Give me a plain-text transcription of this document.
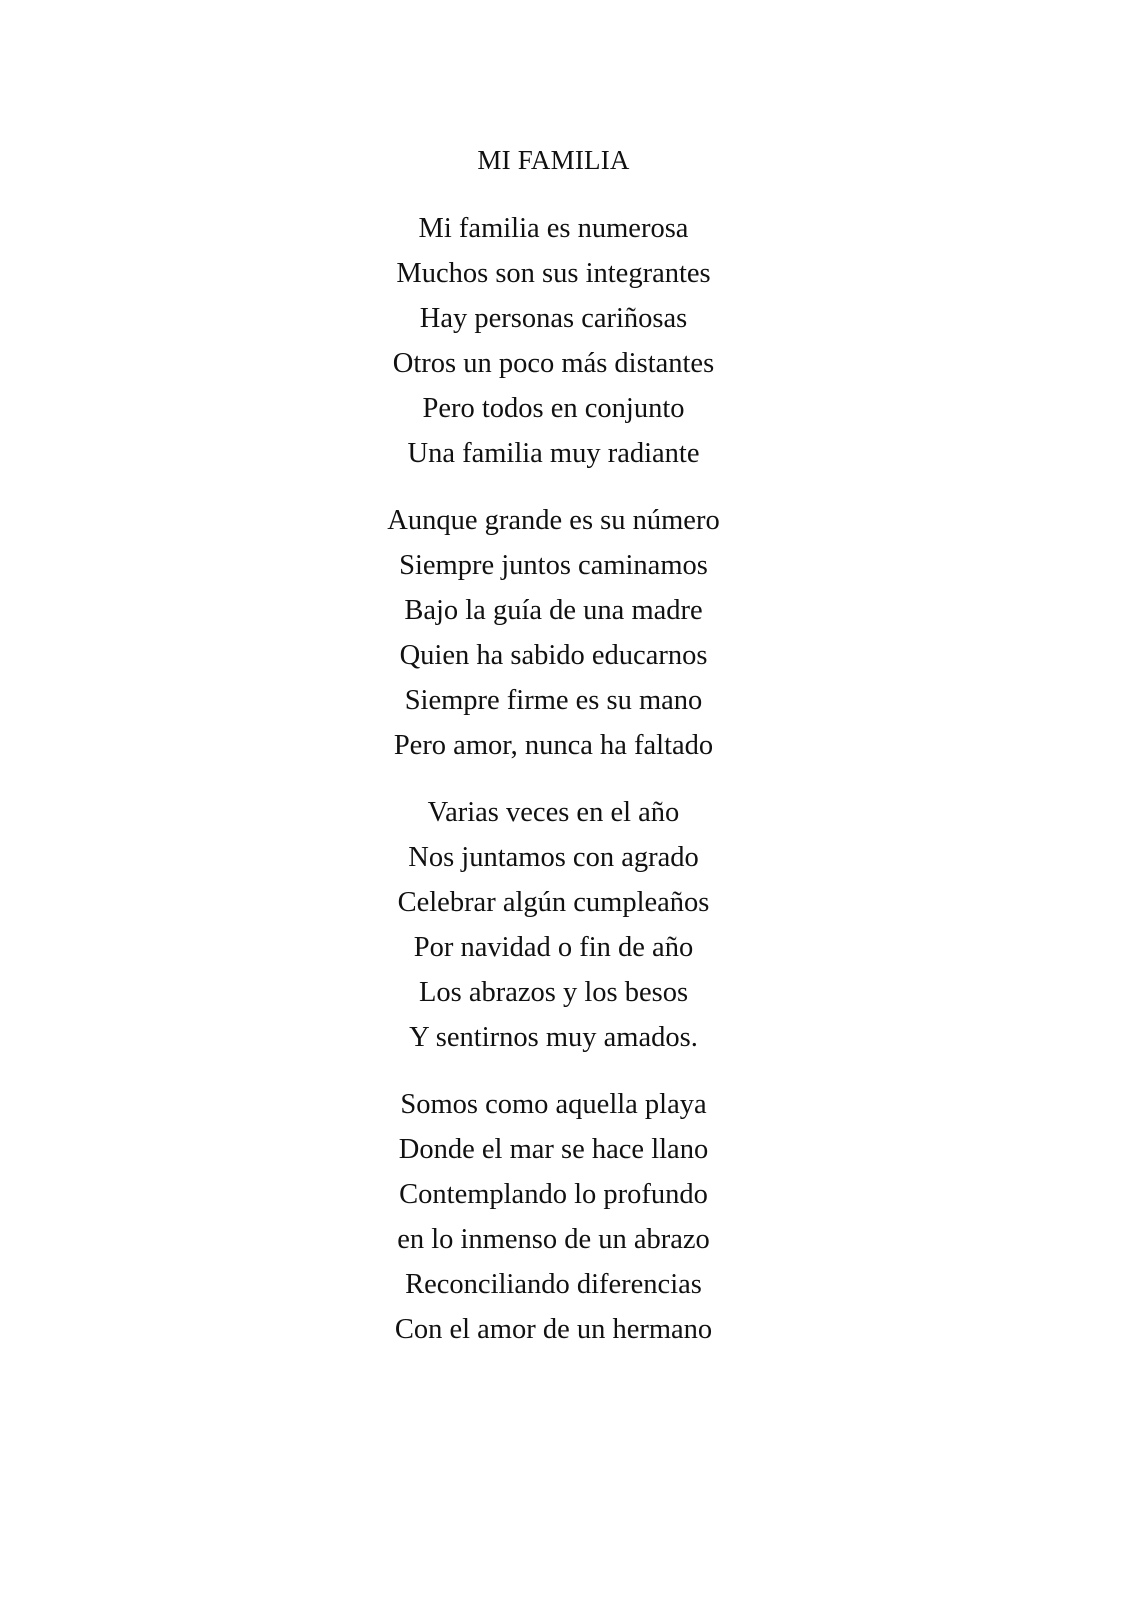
MI FAMILIA
Mi familia es numerosa
Muchos son sus integrantes
Hay personas cariñosas
Otros un poco más distantes
Pero todos en conjunto
Una familia muy radiante
Aunque grande es su número
Siempre juntos caminamos
Bajo la guía de una madre
Quien ha sabido educarnos
Siempre firme es su mano
Pero amor, nunca ha faltado
Varias veces en el año
Nos juntamos con agrado
Celebrar algún cumpleaños
Por navidad o fin de año
Los abrazos y los besos
Y sentirnos muy amados.
Somos como aquella playa
Donde el mar se hace llano
Contemplando lo profundo
en lo inmenso de un abrazo
Reconciliando diferencias
Con el amor de un hermano
